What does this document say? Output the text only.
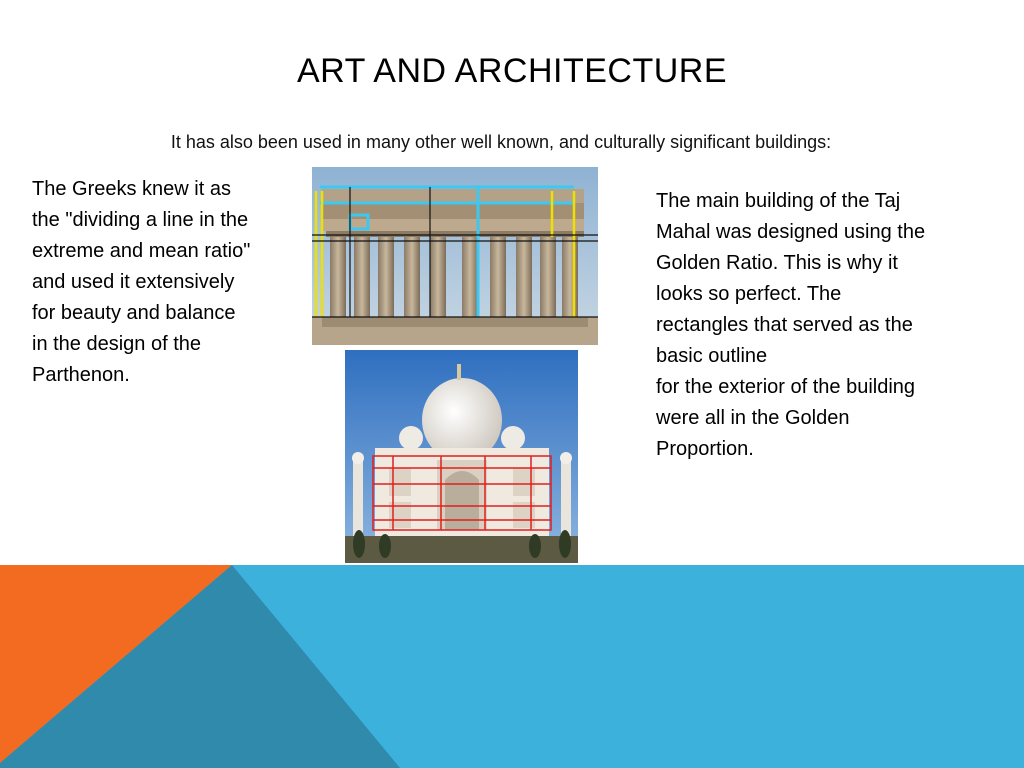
ART AND ARCHITECTURE
It has also been used in many other well known, and culturally significant buildings:
The Greeks knew it as the "dividing a line in the extreme and mean ratio" and used it extensively for beauty and balance in the design of the Parthenon.
The main building of the Taj Mahal was designed using the Golden Ratio. This is why it looks so perfect. The rectangles that served as the basic outline
for the exterior of the building were all in the Golden Proportion.
